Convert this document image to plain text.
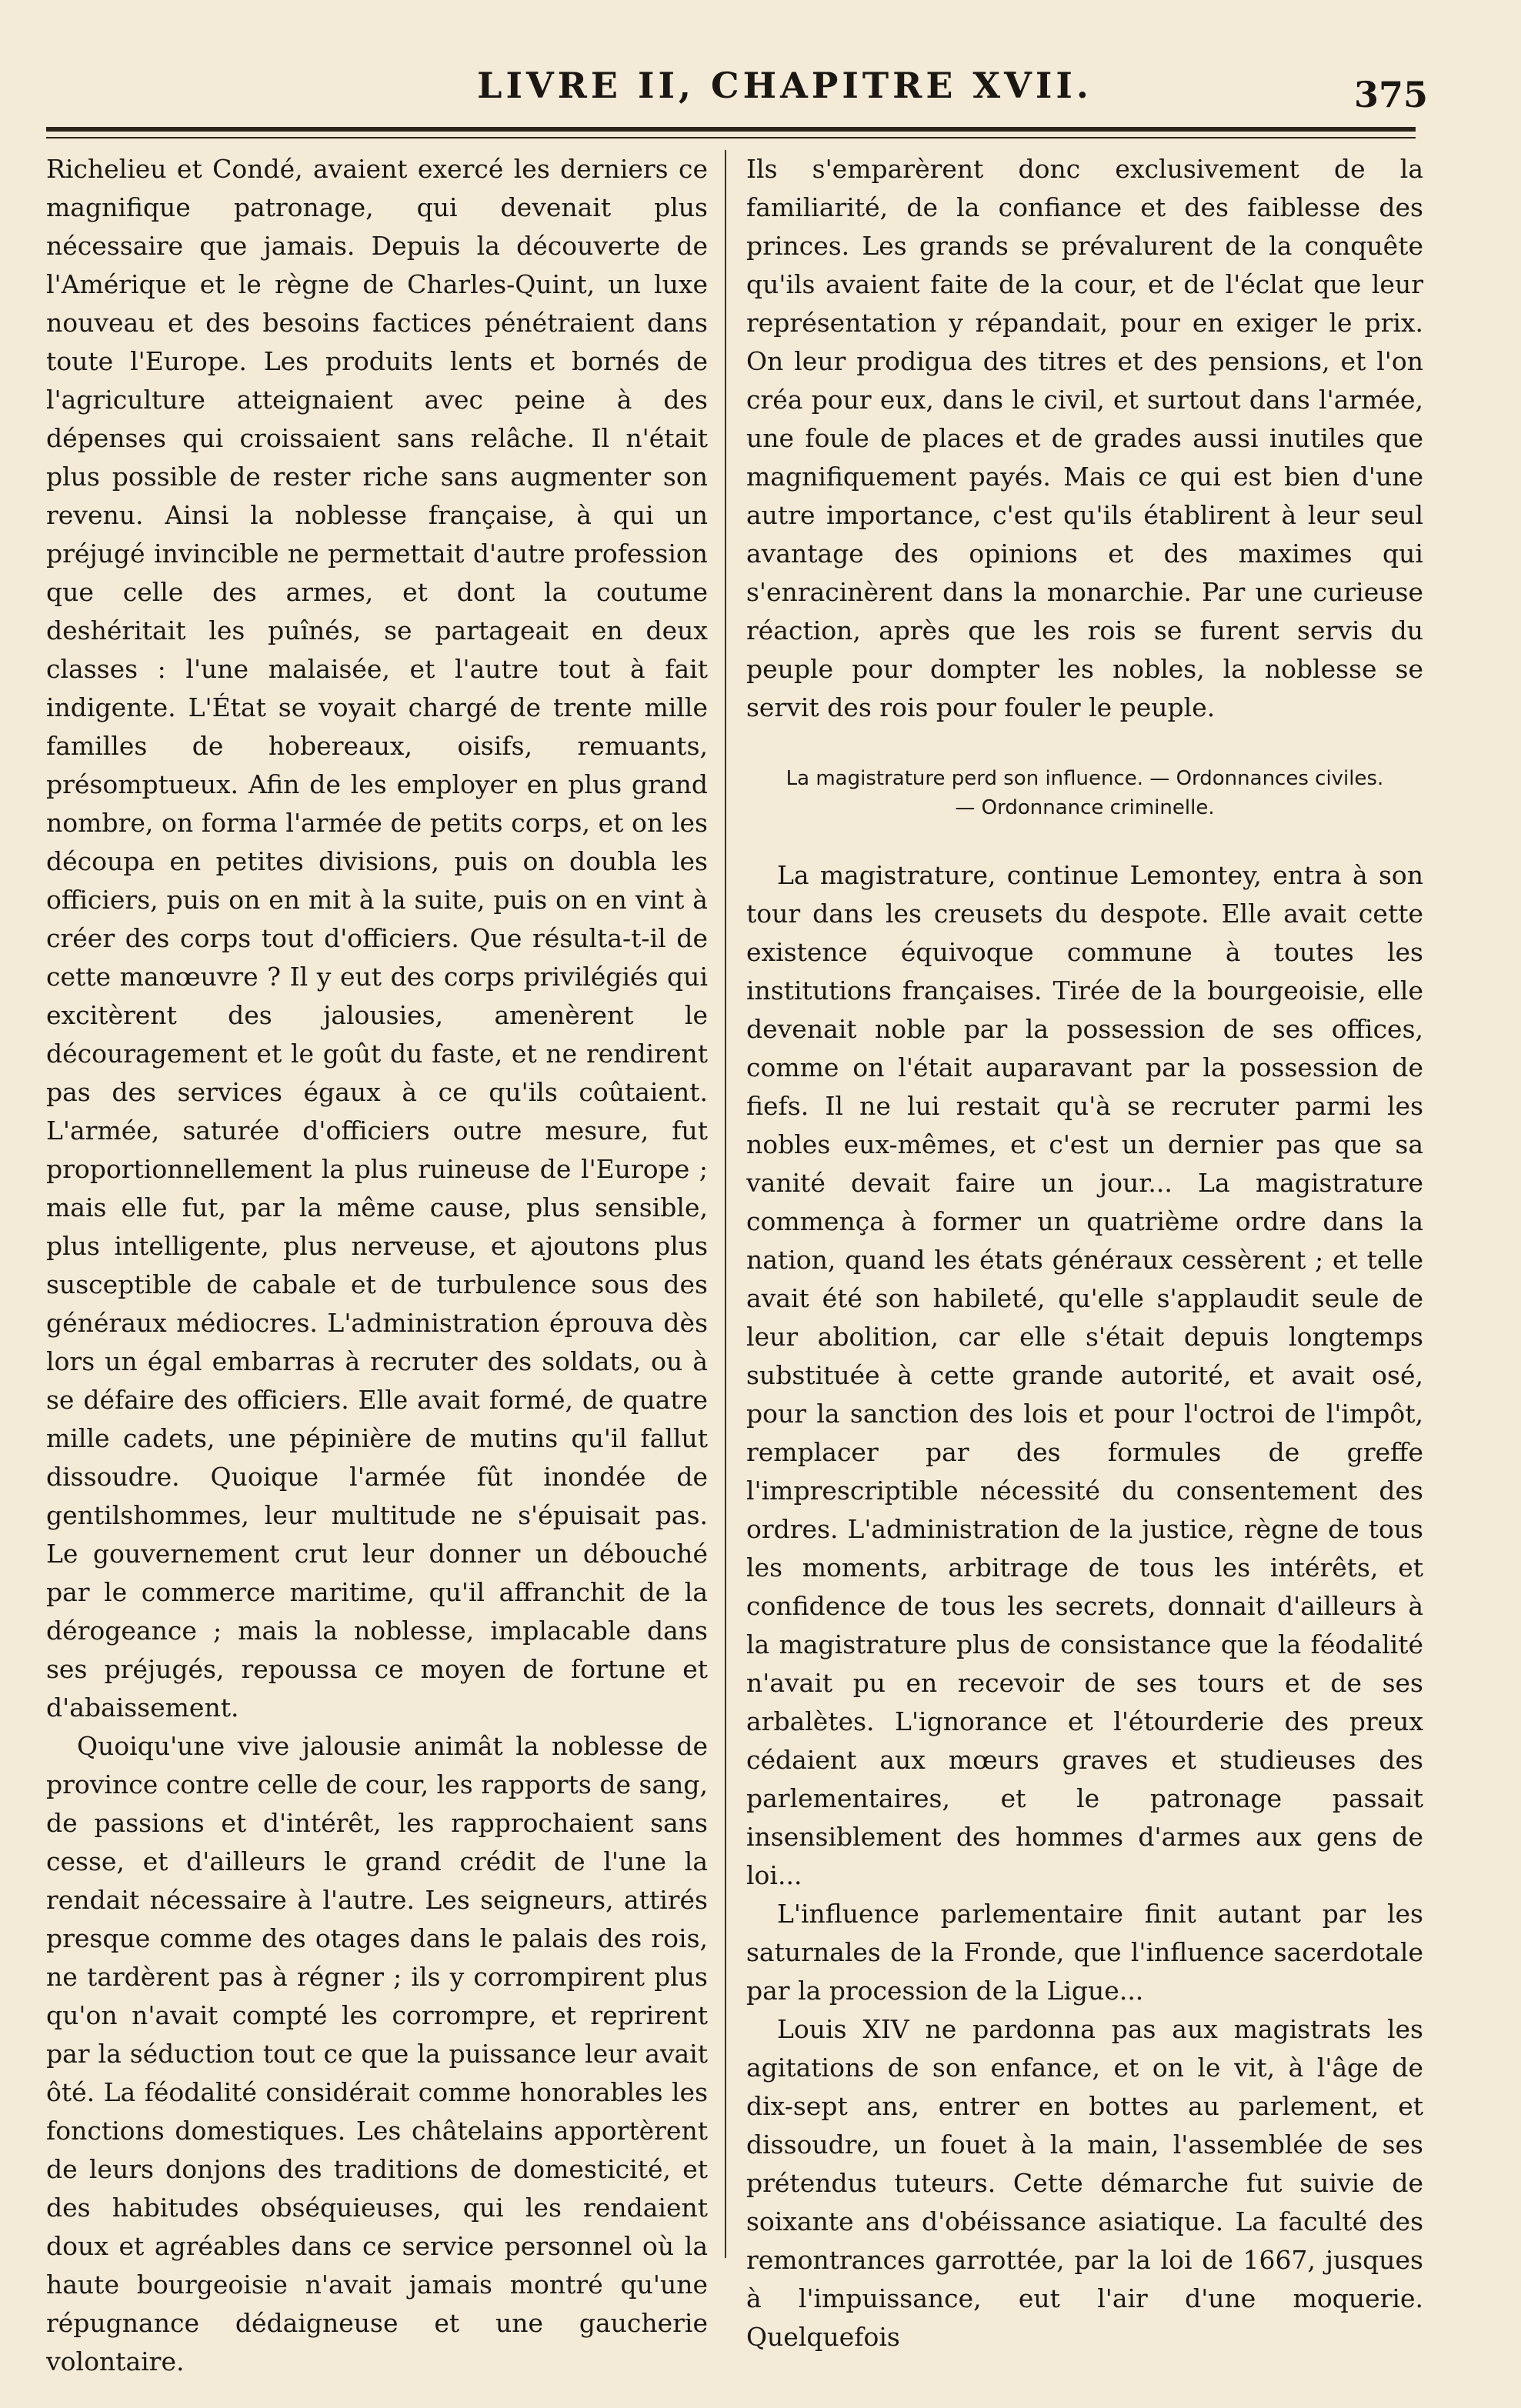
LIVRE II, CHAPITRE XVII.	375

Richelieu et Condé, avaient exercé les derniers ce magnifique patronage, qui devenait plus nécessaire que jamais. Depuis la découverte de l'Amérique et le règne de Charles-Quint, un luxe nouveau et des besoins factices pénétraient dans toute l'Europe. Les produits lents et bornés de l'agriculture atteignaient avec peine à des dépenses qui croissaient sans relâche. Il n'était plus possible de rester riche sans augmenter son revenu. Ainsi la noblesse française, à qui un préjugé invincible ne permettait d'autre profession que celle des armes, et dont la coutume deshéritait les puînés, se partageait en deux classes : l'une malaisée, et l'autre tout à fait indigente. L'État se voyait chargé de trente mille familles de hobereaux, oisifs, remuants, présomptueux. Afin de les employer en plus grand nombre, on forma l'armée de petits corps, et on les découpa en petites divisions, puis on doubla les officiers, puis on en mit à la suite, puis on en vint à créer des corps tout d'officiers. Que résulta-t-il de cette manœuvre ? Il y eut des corps privilégiés qui excitèrent des jalousies, amenèrent le découragement et le goût du faste, et ne rendirent pas des services égaux à ce qu'ils coûtaient. L'armée, saturée d'officiers outre mesure, fut proportionnellement la plus ruineuse de l'Europe ; mais elle fut, par la même cause, plus sensible, plus intelligente, plus nerveuse, et ajoutons plus susceptible de cabale et de turbulence sous des généraux médiocres. L'administration éprouva dès lors un égal embarras à recruter des soldats, ou à se défaire des officiers. Elle avait formé, de quatre mille cadets, une pépinière de mutins qu'il fallut dissoudre. Quoique l'armée fût inondée de gentilshommes, leur multitude ne s'épuisait pas. Le gouvernement crut leur donner un débouché par le commerce maritime, qu'il affranchit de la dérogeance ; mais la noblesse, implacable dans ses préjugés, repoussa ce moyen de fortune et d'abaissement.

Quoiqu'une vive jalousie animât la noblesse de province contre celle de cour, les rapports de sang, de passions et d'intérêt, les rapprochaient sans cesse, et d'ailleurs le grand crédit de l'une la rendait nécessaire à l'autre. Les seigneurs, attirés presque comme des otages dans le palais des rois, ne tardèrent pas à régner ; ils y corrompirent plus qu'on n'avait compté les corrompre, et reprirent par la séduction tout ce que la puissance leur avait ôté. La féodalité considérait comme honorables les fonctions domestiques. Les châtelains apportèrent de leurs donjons des traditions de domesticité, et des habitudes obséquieuses, qui les rendaient doux et agréables dans ce service personnel où la haute bourgeoisie n'avait jamais montré qu'une répugnance dédaigneuse et une gaucherie volontaire.

Ils s'emparèrent donc exclusivement de la familiarité, de la confiance et des faiblesse des princes. Les grands se prévalurent de la conquête qu'ils avaient faite de la cour, et de l'éclat que leur représentation y répandait, pour en exiger le prix. On leur prodigua des titres et des pensions, et l'on créa pour eux, dans le civil, et surtout dans l'armée, une foule de places et de grades aussi inutiles que magnifiquement payés. Mais ce qui est bien d'une autre importance, c'est qu'ils établirent à leur seul avantage des opinions et des maximes qui s'enracinèrent dans la monarchie. Par une curieuse réaction, après que les rois se furent servis du peuple pour dompter les nobles, la noblesse se servit des rois pour fouler le peuple.

La magistrature perd son influence. — Ordonnances civiles.
— Ordonnance criminelle.

La magistrature, continue Lemontey, entra à son tour dans les creusets du despote. Elle avait cette existence équivoque commune à toutes les institutions françaises. Tirée de la bourgeoisie, elle devenait noble par la possession de ses offices, comme on l'était auparavant par la possession de fiefs. Il ne lui restait qu'à se recruter parmi les nobles eux-mêmes, et c'est un dernier pas que sa vanité devait faire un jour... La magistrature commença à former un quatrième ordre dans la nation, quand les états généraux cessèrent ; et telle avait été son habileté, qu'elle s'applaudit seule de leur abolition, car elle s'était depuis longtemps substituée à cette grande autorité, et avait osé, pour la sanction des lois et pour l'octroi de l'impôt, remplacer par des formules de greffe l'imprescriptible nécessité du consentement des ordres. L'administration de la justice, règne de tous les moments, arbitrage de tous les intérêts, et confidence de tous les secrets, donnait d'ailleurs à la magistrature plus de consistance que la féodalité n'avait pu en recevoir de ses tours et de ses arbalètes. L'ignorance et l'étourderie des preux cédaient aux mœurs graves et studieuses des parlementaires, et le patronage passait insensiblement des hommes d'armes aux gens de loi...

L'influence parlementaire finit autant par les saturnales de la Fronde, que l'influence sacerdotale par la procession de la Ligue...

Louis XIV ne pardonna pas aux magistrats les agitations de son enfance, et on le vit, à l'âge de dix-sept ans, entrer en bottes au parlement, et dissoudre, un fouet à la main, l'assemblée de ses prétendus tuteurs. Cette démarche fut suivie de soixante ans d'obéissance asiatique. La faculté des remontrances garrottée, par la loi de 1667, jusques à l'impuissance, eut l'air d'une moquerie. Quelquefois
